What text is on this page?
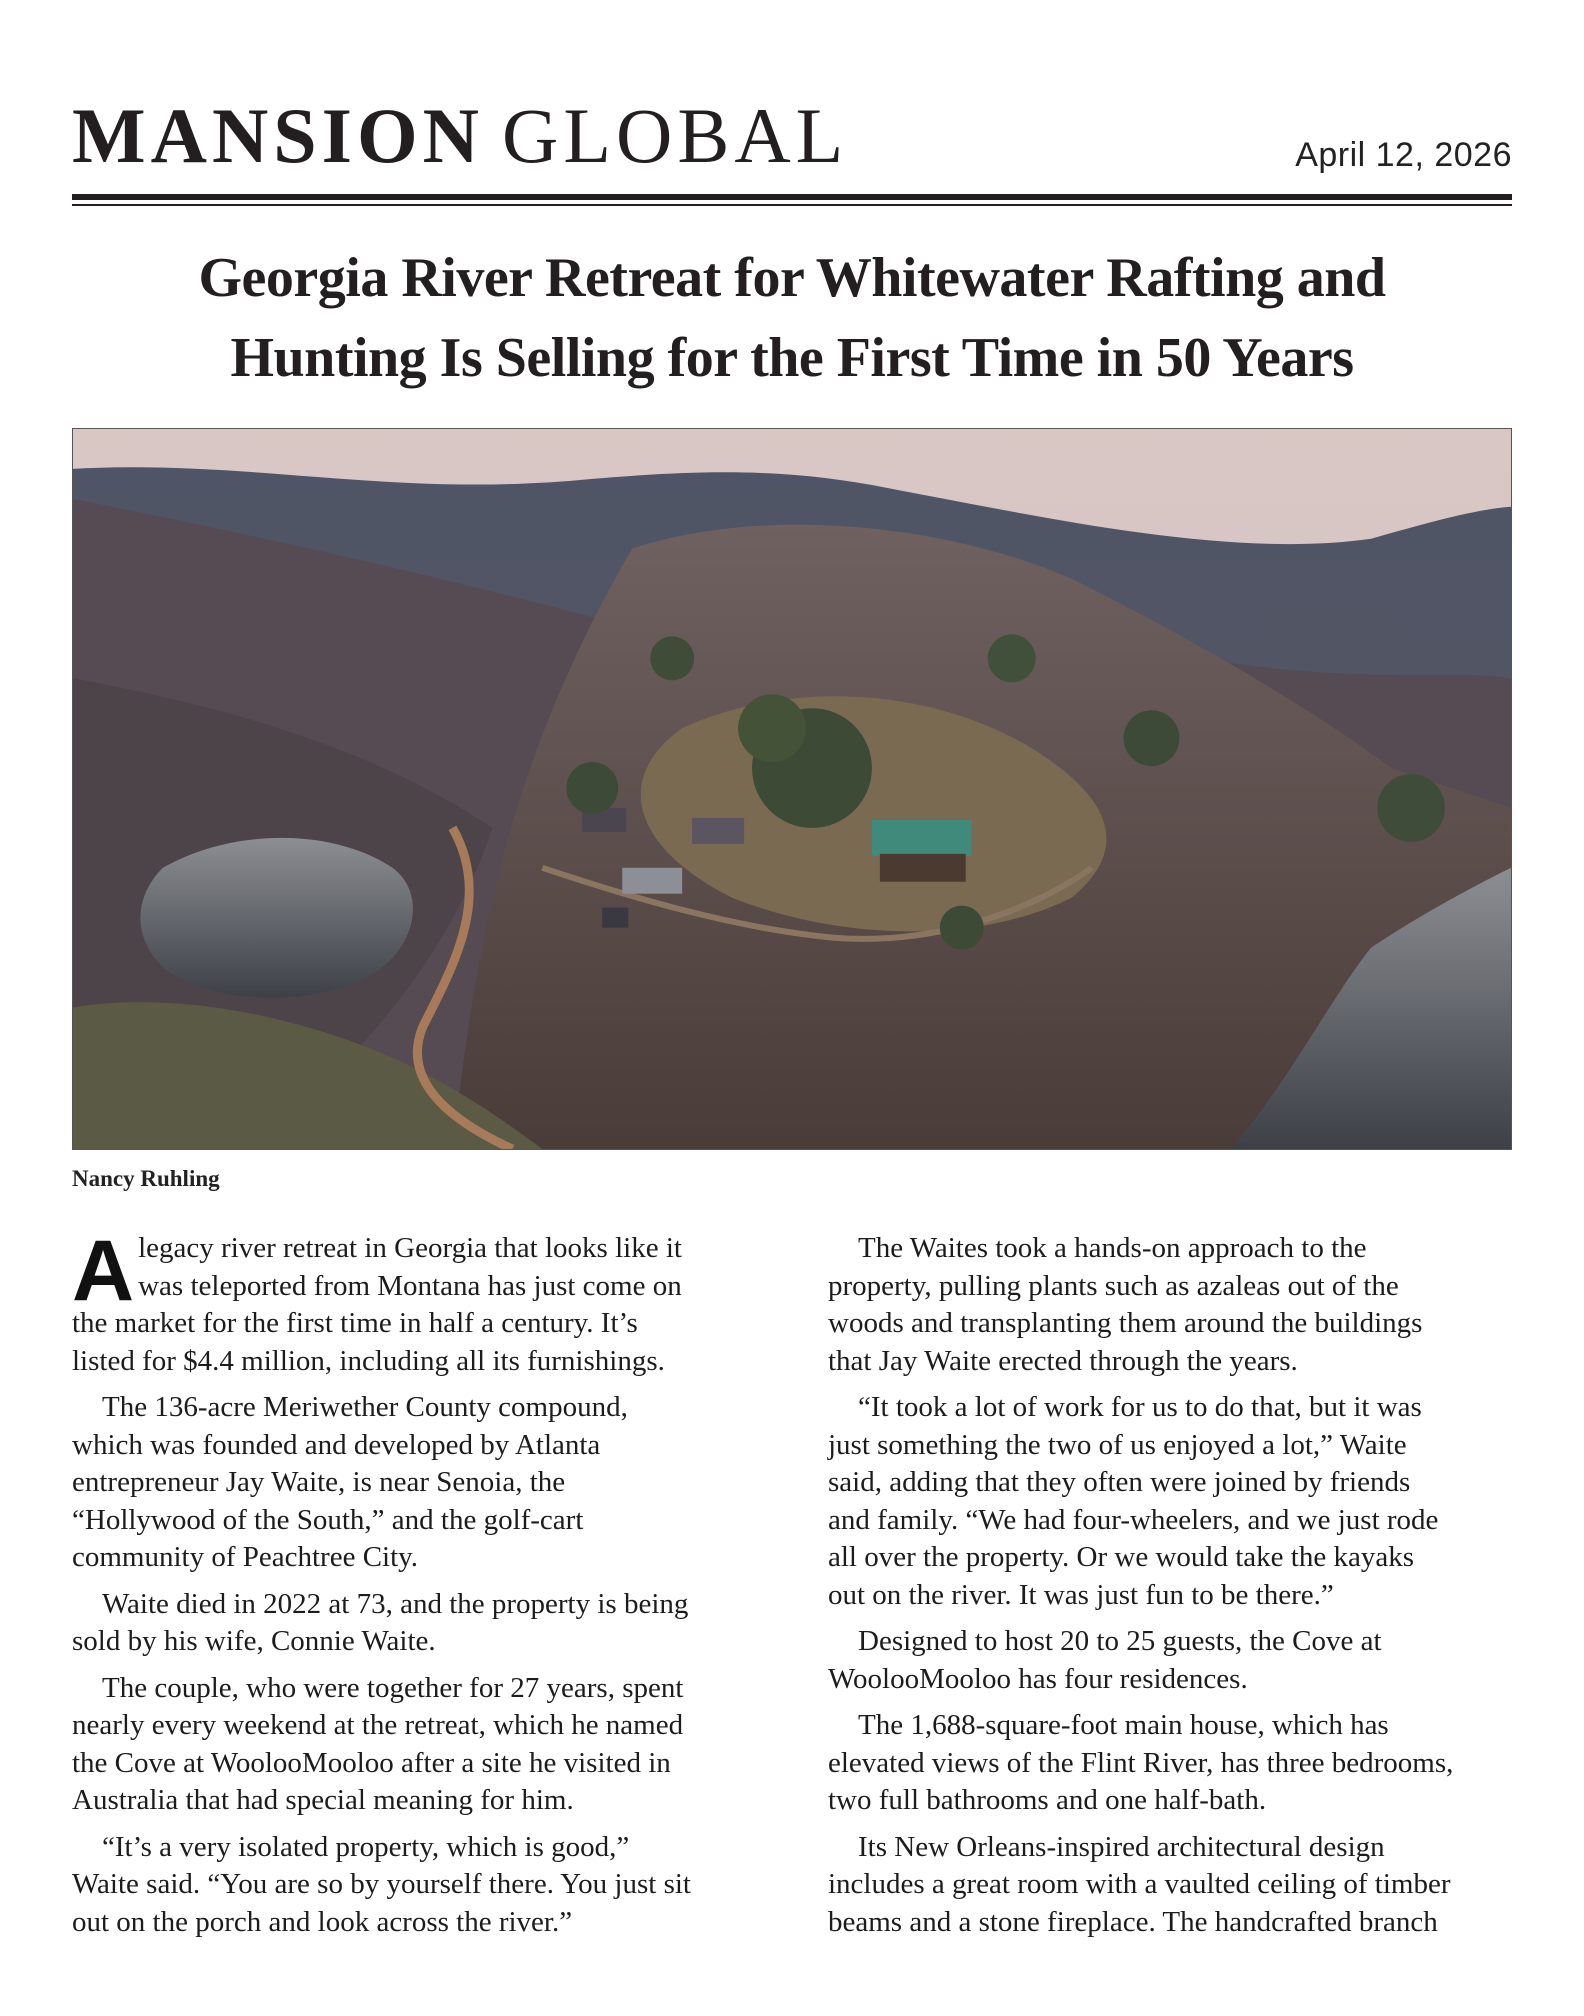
MANSION GLOBAL	April 12, 2026
Georgia River Retreat for Whitewater Rafting and
Hunting Is Selling for the First Time in 50 Years
Nancy Ruhling

A legacy river retreat in Georgia that looks like it
was teleported from Montana has just come on
the market for the first time in half a century. It’s
listed for $4.4 million, including all its furnishings.

The 136-acre Meriwether County compound,
which was founded and developed by Atlanta
entrepreneur Jay Waite, is near Senoia, the
“Hollywood of the South,” and the golf-cart
community of Peachtree City.

Waite died in 2022 at 73, and the property is being
sold by his wife, Connie Waite.

The couple, who were together for 27 years, spent
nearly every weekend at the retreat, which he named
the Cove at WoolooMooloo after a site he visited in
Australia that had special meaning for him.

“It’s a very isolated property, which is good,”
Waite said. “You are so by yourself there. You just sit
out on the porch and look across the river.”

The Waites took a hands-on approach to the
property, pulling plants such as azaleas out of the
woods and transplanting them around the buildings
that Jay Waite erected through the years.

“It took a lot of work for us to do that, but it was
just something the two of us enjoyed a lot,” Waite
said, adding that they often were joined by friends
and family. “We had four-wheelers, and we just rode
all over the property. Or we would take the kayaks
out on the river. It was just fun to be there.”

Designed to host 20 to 25 guests, the Cove at
WoolooMooloo has four residences.

The 1,688-square-foot main house, which has
elevated views of the Flint River, has three bedrooms,
two full bathrooms and one half-bath.

Its New Orleans-inspired architectural design
includes a great room with a vaulted ceiling of timber
beams and a stone fireplace. The handcrafted branch
